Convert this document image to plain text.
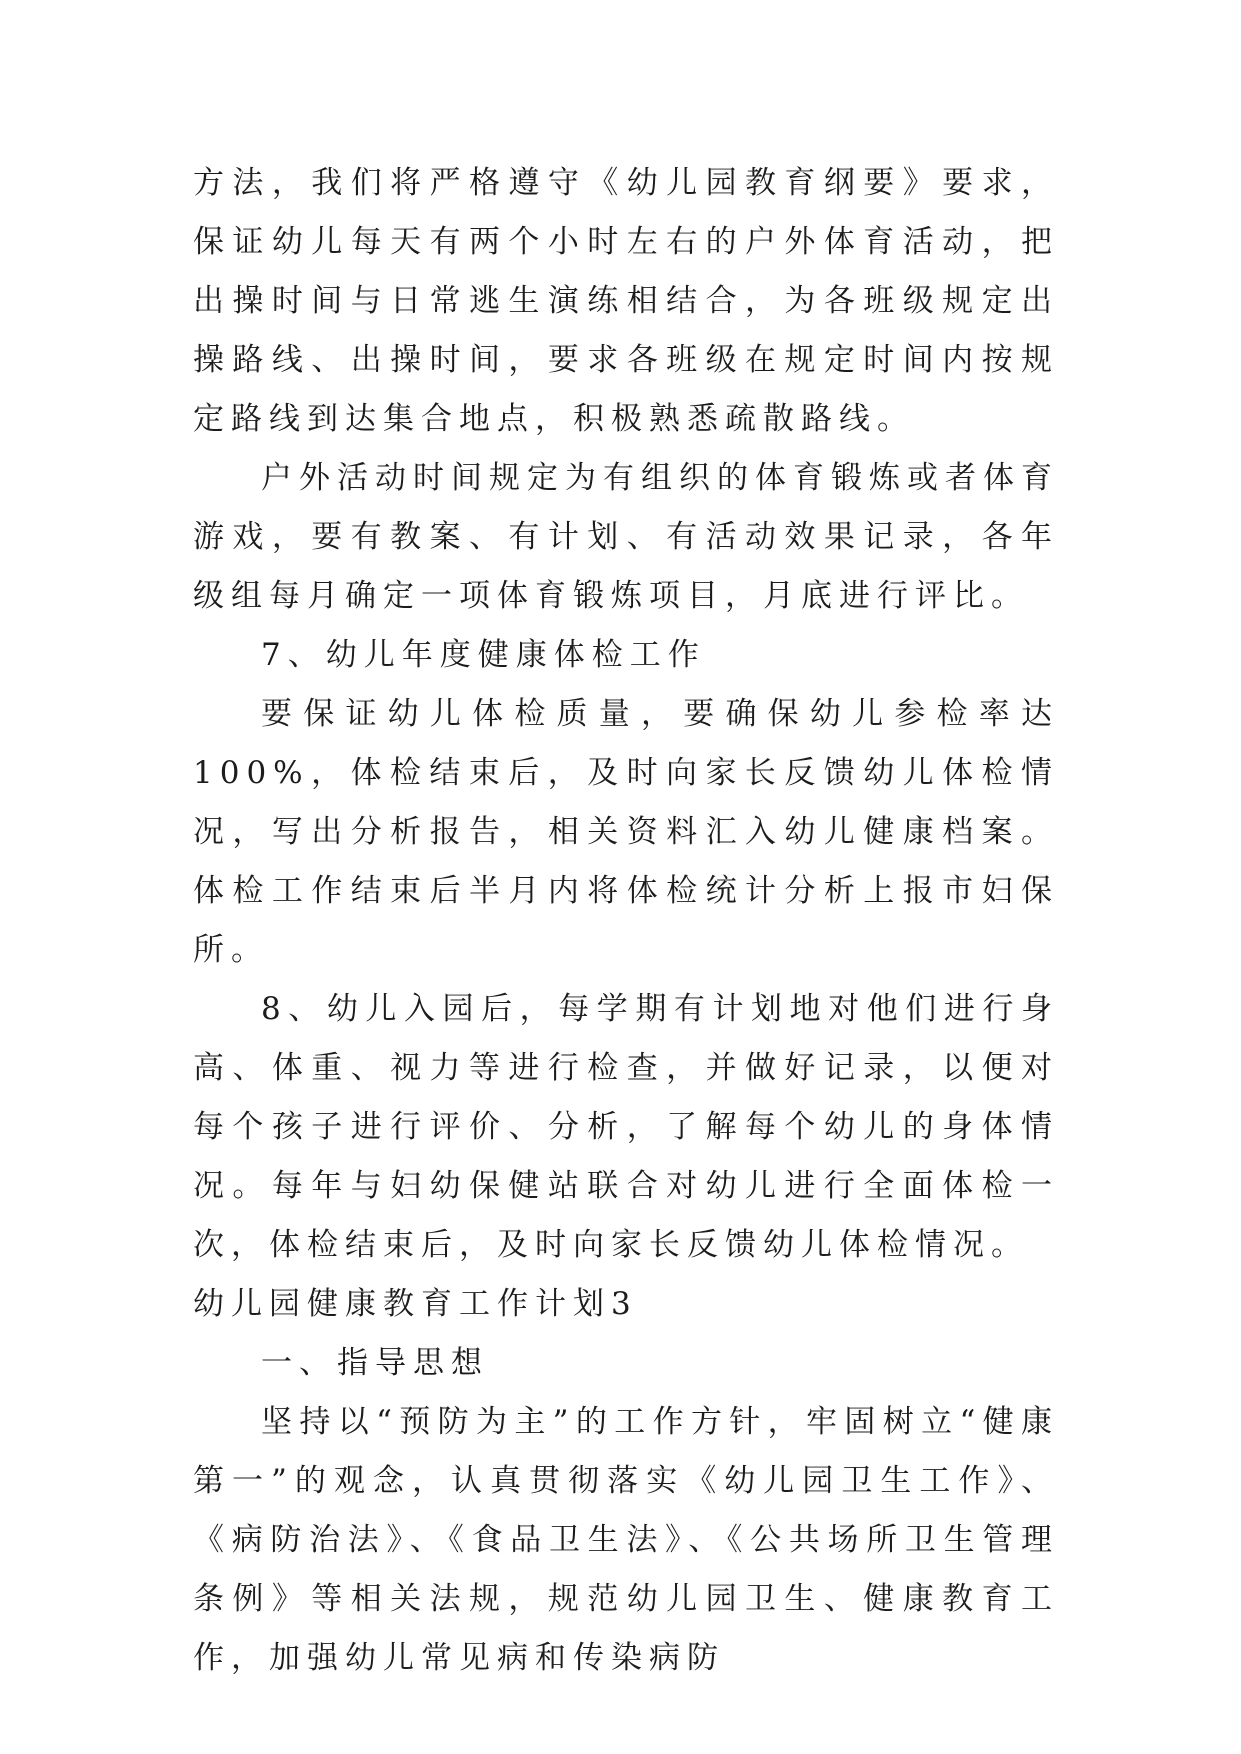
方法，我们将严格遵守《幼儿园教育纲要》要求，保证幼儿每天有两个小时左右的户外体育活动，把出操时间与日常逃生演练相结合，为各班级规定出操路线、出操时间，要求各班级在规定时间内按规定路线到达集合地点，积极熟悉疏散路线。

户外活动时间规定为有组织的体育锻炼或者体育游戏，要有教案、有计划、有活动效果记录，各年级组每月确定一项体育锻炼项目，月底进行评比。

7、幼儿年度健康体检工作

要保证幼儿体检质量，要确保幼儿参检率达100%，体检结束后，及时向家长反馈幼儿体检情况，写出分析报告，相关资料汇入幼儿健康档案。体检工作结束后半月内将体检统计分析上报市妇保所。

8、幼儿入园后，每学期有计划地对他们进行身高、体重、视力等进行检查，并做好记录，以便对每个孩子进行评价、分析，了解每个幼儿的身体情况。每年与妇幼保健站联合对幼儿进行全面体检一次，体检结束后，及时向家长反馈幼儿体检情况。

幼儿园健康教育工作计划3

一、指导思想

坚持以“预防为主”的工作方针，牢固树立“健康第一”的观念，认真贯彻落实《幼儿园卫生工作》、《病防治法》、《食品卫生法》、《公共场所卫生管理条例》等相关法规，规范幼儿园卫生、健康教育工作，加强幼儿常见病和传染病防
